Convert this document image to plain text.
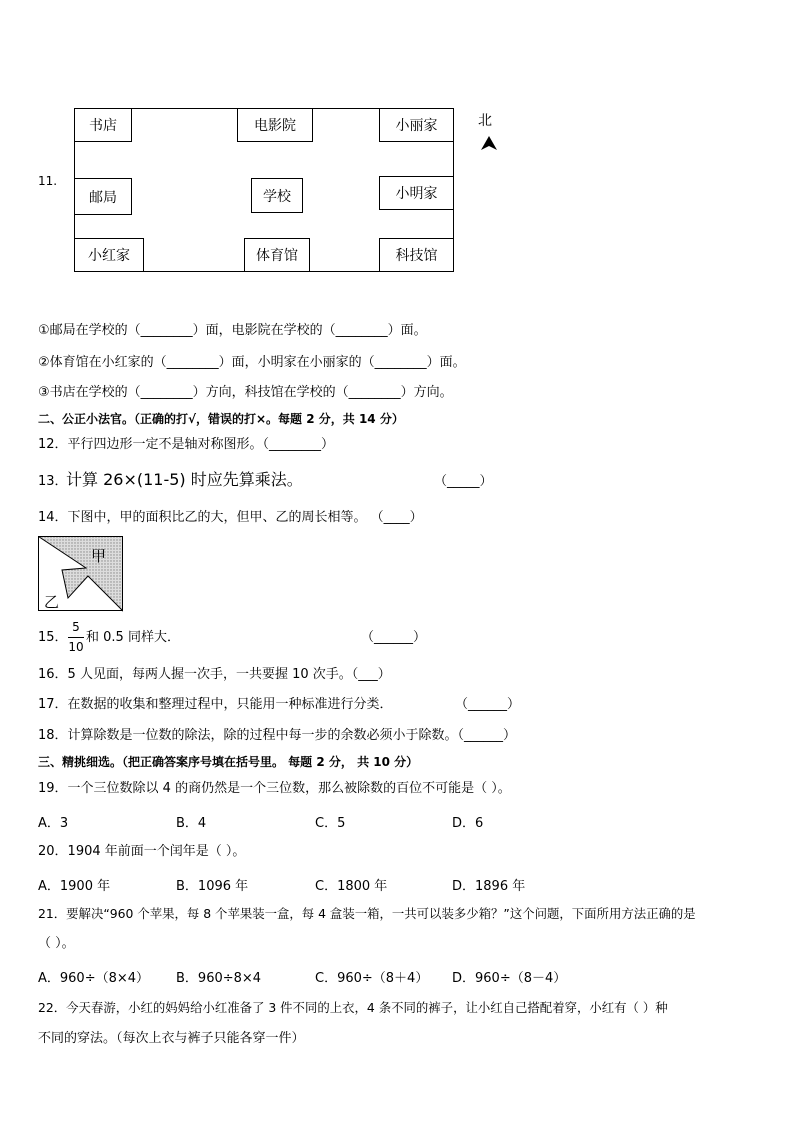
11.
书店	电影院	小丽家
邮局	学校	小明家
小红家	体育馆	科技馆
北
①邮局在学校的（________）面，电影院在学校的（________）面。
②体育馆在小红家的（________）面，小明家在小丽家的（________）面。
③书店在学校的（________）方向，科技馆在学校的（________）方向。
二、公正小法官。（正确的打√，错误的打×。每题 2 分，共 14 分）
12．平行四边形一定不是轴对称图形。（________）
13．
计算 26×(11-5) 时应先算乘法。	（_____）
14．下图中，甲的面积比乙的大，但甲、乙的周长相等。 （____）
甲
乙
15．
5
10
和 0.5 同样大．	（______）
16．5 人见面，每两人握一次手，一共要握 10 次手。（___）
17．在数据的收集和整理过程中，只能用一种标准进行分类．	（______）
18．计算除数是一位数的除法，除的过程中每一步的余数必须小于除数。（______）
三、精挑细选。（把正确答案序号填在括号里。 每题 2 分， 共 10 分）
19．一个三位数除以 4 的商仍然是一个三位数，那么被除数的百位不可能是（ ）。
A．3	B．4	C．5	D．6
20．1904 年前面一个闰年是（ ）。
A．1900 年	B．1096 年	C．1800 年	D．1896 年
21．要解决“960 个苹果，每 8 个苹果装一盒，每 4 盒装一箱，一共可以装多少箱？”这个问题，下面所用方法正确的是
（ ）。
A．960÷（8×4） B．960÷8×4	C．960÷（8＋4） D．960÷（8－4）
22．今天春游，小红的妈妈给小红准备了 3 件不同的上衣，4 条不同的裤子，让小红自己搭配着穿，小红有（ ）种
不同的穿法。（每次上衣与裤子只能各穿一件）
